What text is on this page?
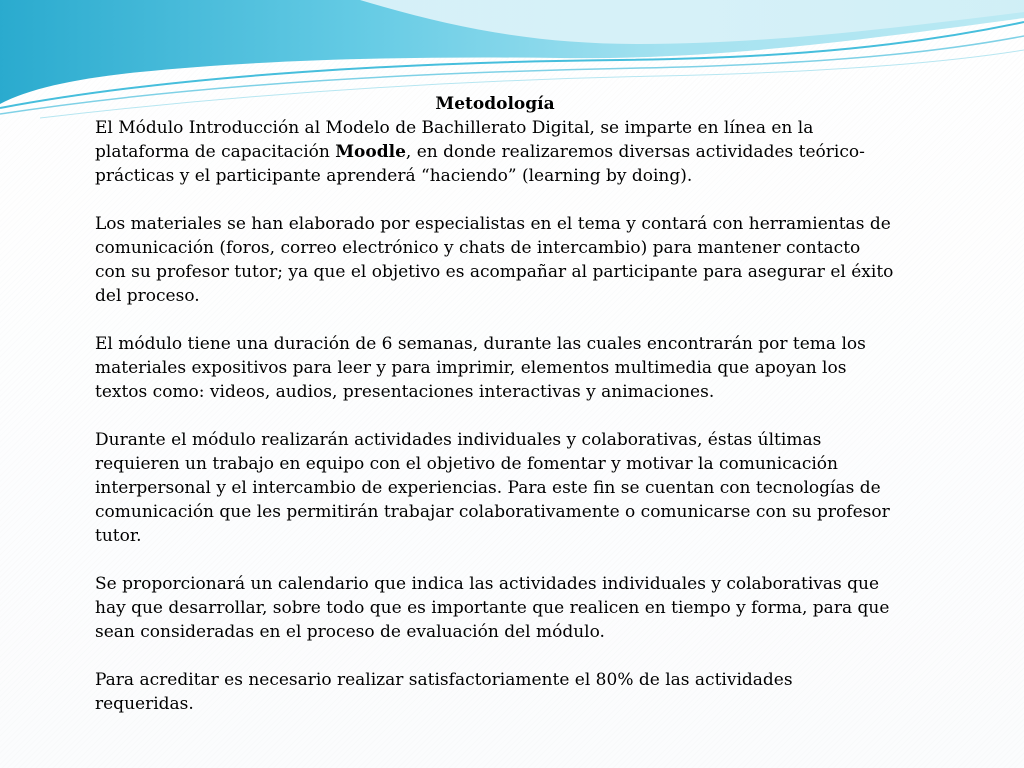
Metodología

El Módulo Introducción al Modelo de Bachillerato Digital, se imparte en línea en la plataforma de capacitación Moodle, en donde realizaremos diversas actividades teórico-prácticas y el participante aprenderá “haciendo” (learning by doing).

Los materiales se han elaborado por especialistas en el tema y contará con herramientas de comunicación (foros, correo electrónico y chats de intercambio) para mantener contacto con su profesor tutor; ya que el objetivo es acompañar al participante para asegurar el éxito del proceso.

El módulo tiene una duración de 6 semanas, durante las cuales encontrarán por tema los materiales expositivos para leer y para imprimir, elementos multimedia que apoyan los textos como: videos, audios, presentaciones interactivas y animaciones.

Durante el módulo realizarán actividades individuales y colaborativas, éstas últimas requieren un trabajo en equipo con el objetivo de fomentar y motivar la comunicación interpersonal y el intercambio de experiencias. Para este fin se cuentan con tecnologías de comunicación que les permitirán trabajar colaborativamente o comunicarse con su profesor tutor.

Se proporcionará un calendario que indica las actividades individuales y colaborativas que hay que desarrollar, sobre todo que es importante que realicen en tiempo y forma, para que sean consideradas en el proceso de evaluación del módulo.

Para acreditar es necesario realizar satisfactoriamente el 80% de las actividades requeridas.
